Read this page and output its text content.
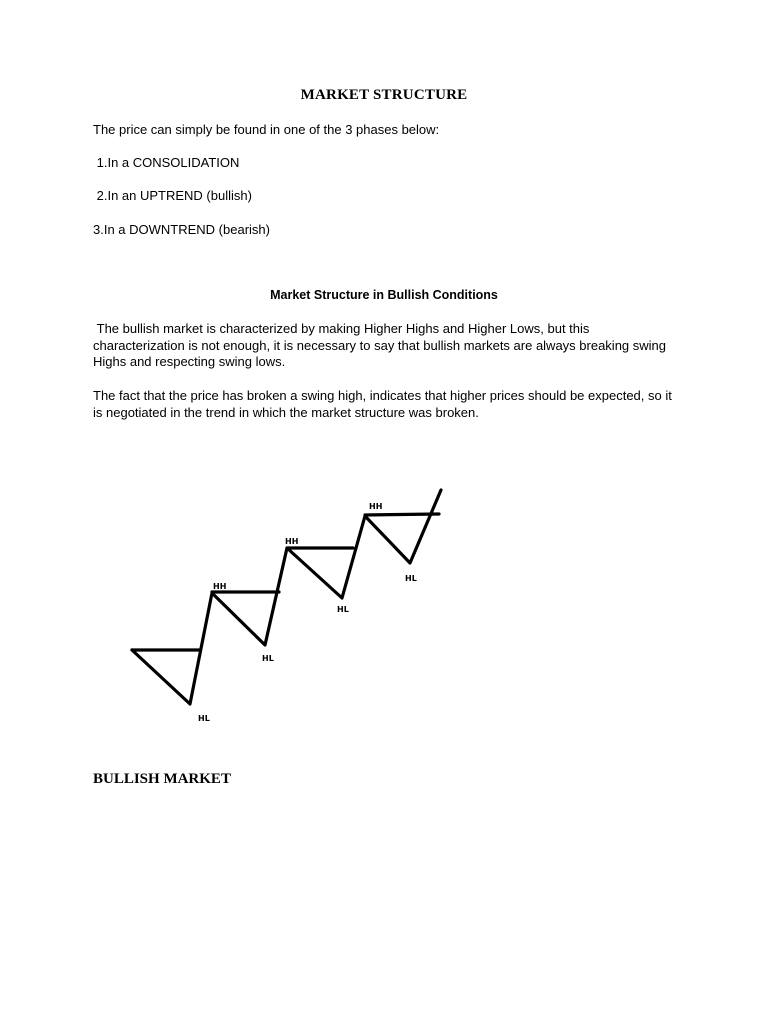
MARKET STRUCTURE
The price can simply be found in one of the 3 phases below:
1.In a CONSOLIDATION
2.In an UPTREND (bullish)
3.In a DOWNTREND (bearish)
Market Structure in Bullish Conditions
The bullish market is characterized by making Higher Highs and Higher Lows, but this characterization is not enough, it is necessary to say that bullish markets are always breaking swing Highs and respecting swing lows.
The fact that the price has broken a swing high, indicates that higher prices should be expected, so it is negotiated in the trend in which the market structure was broken.
HH
HH
HH
HL
HL
HL
HL
BULLISH MARKET
